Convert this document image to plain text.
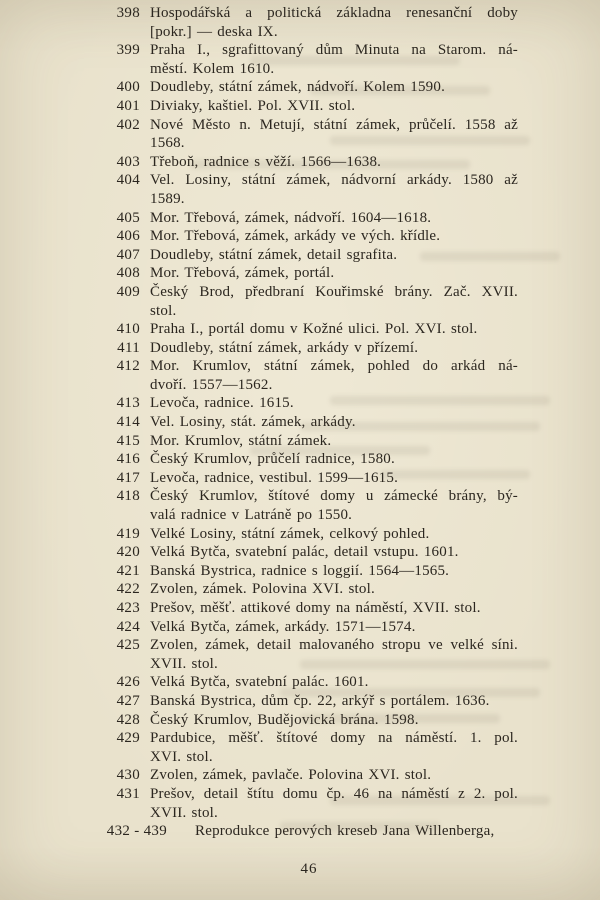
398 Hospodářská a politická základna renesanční doby
[pokr.] — deska IX.
399 Praha I., sgrafittovaný dům Minuta na Starom. ná-
městí. Kolem 1610.
400 Doudleby, státní zámek, nádvoří. Kolem 1590.
401 Diviaky, kaštiel. Pol. XVII. stol.
402 Nové Město n. Metují, státní zámek, průčelí. 1558 až
1568.
403 Třeboň, radnice s věží. 1566—1638.
404 Vel. Losiny, státní zámek, nádvorní arkády. 1580 až
1589.
405 Mor. Třebová, zámek, nádvoří. 1604—1618.
406 Mor. Třebová, zámek, arkády ve vých. křídle.
407 Doudleby, státní zámek, detail sgrafita.
408 Mor. Třebová, zámek, portál.
409 Český Brod, předbraní Kouřimské brány. Zač. XVII.
stol.
410 Praha I., portál domu v Kožné ulici. Pol. XVI. stol.
411 Doudleby, státní zámek, arkády v přízemí.
412 Mor. Krumlov, státní zámek, pohled do arkád ná-
dvoří. 1557—1562.
413 Levoča, radnice. 1615.
414 Vel. Losiny, stát. zámek, arkády.
415 Mor. Krumlov, státní zámek.
416 Český Krumlov, průčelí radnice, 1580.
417 Levoča, radnice, vestibul. 1599—1615.
418 Český Krumlov, štítové domy u zámecké brány, bý-
valá radnice v Latráně po 1550.
419 Velké Losiny, státní zámek, celkový pohled.
420 Velká Bytča, svatební palác, detail vstupu. 1601.
421 Banská Bystrica, radnice s loggií. 1564—1565.
422 Zvolen, zámek. Polovina XVI. stol.
423 Prešov, měšť. attikové domy na náměstí, XVII. stol.
424 Velká Bytča, zámek, arkády. 1571—1574.
425 Zvolen, zámek, detail malovaného stropu ve velké síni.
XVII. stol.
426 Velká Bytča, svatební palác. 1601.
427 Banská Bystrica, dům čp. 22, arkýř s portálem. 1636.
428 Český Krumlov, Budějovická brána. 1598.
429 Pardubice, měšť. štítové domy na náměstí. 1. pol.
XVI. stol.
430 Zvolen, zámek, pavlače. Polovina XVI. stol.
431 Prešov, detail štítu domu čp. 46 na náměstí z 2. pol.
XVII. stol.
432 - 439 Reprodukce perových kreseb Jana Willenberga,
46
